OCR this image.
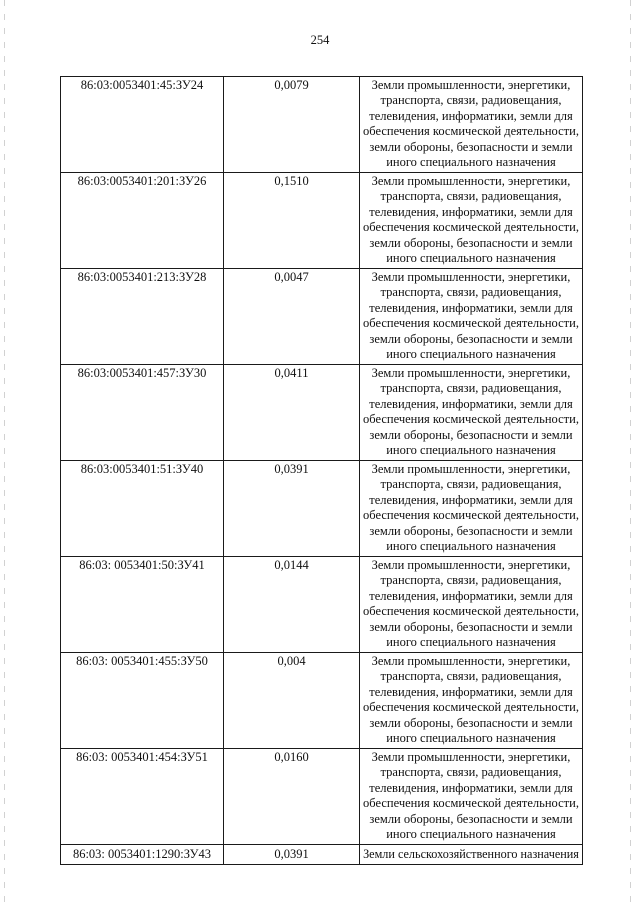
254
86:03:0053401:45:ЗУ24	0,0079	Земли промышленности, энергетики, транспорта, связи, радиовещания, телевидения, информатики, земли для обеспечения космической деятельности, земли обороны, безопасности и земли иного специального назначения
86:03:0053401:201:ЗУ26	0,1510	Земли промышленности, энергетики, транспорта, связи, радиовещания, телевидения, информатики, земли для обеспечения космической деятельности, земли обороны, безопасности и земли иного специального назначения
86:03:0053401:213:ЗУ28	0,0047	Земли промышленности, энергетики, транспорта, связи, радиовещания, телевидения, информатики, земли для обеспечения космической деятельности, земли обороны, безопасности и земли иного специального назначения
86:03:0053401:457:ЗУ30	0,0411	Земли промышленности, энергетики, транспорта, связи, радиовещания, телевидения, информатики, земли для обеспечения космической деятельности, земли обороны, безопасности и земли иного специального назначения
86:03:0053401:51:ЗУ40	0,0391	Земли промышленности, энергетики, транспорта, связи, радиовещания, телевидения, информатики, земли для обеспечения космической деятельности, земли обороны, безопасности и земли иного специального назначения
86:03: 0053401:50:ЗУ41	0,0144	Земли промышленности, энергетики, транспорта, связи, радиовещания, телевидения, информатики, земли для обеспечения космической деятельности, земли обороны, безопасности и земли иного специального назначения
86:03: 0053401:455:ЗУ50	0,004	Земли промышленности, энергетики, транспорта, связи, радиовещания, телевидения, информатики, земли для обеспечения космической деятельности, земли обороны, безопасности и земли иного специального назначения
86:03: 0053401:454:ЗУ51	0,0160	Земли промышленности, энергетики, транспорта, связи, радиовещания, телевидения, информатики, земли для обеспечения космической деятельности, земли обороны, безопасности и земли иного специального назначения
86:03: 0053401:1290:ЗУ43	0,0391	Земли сельскохозяйственного назначения
